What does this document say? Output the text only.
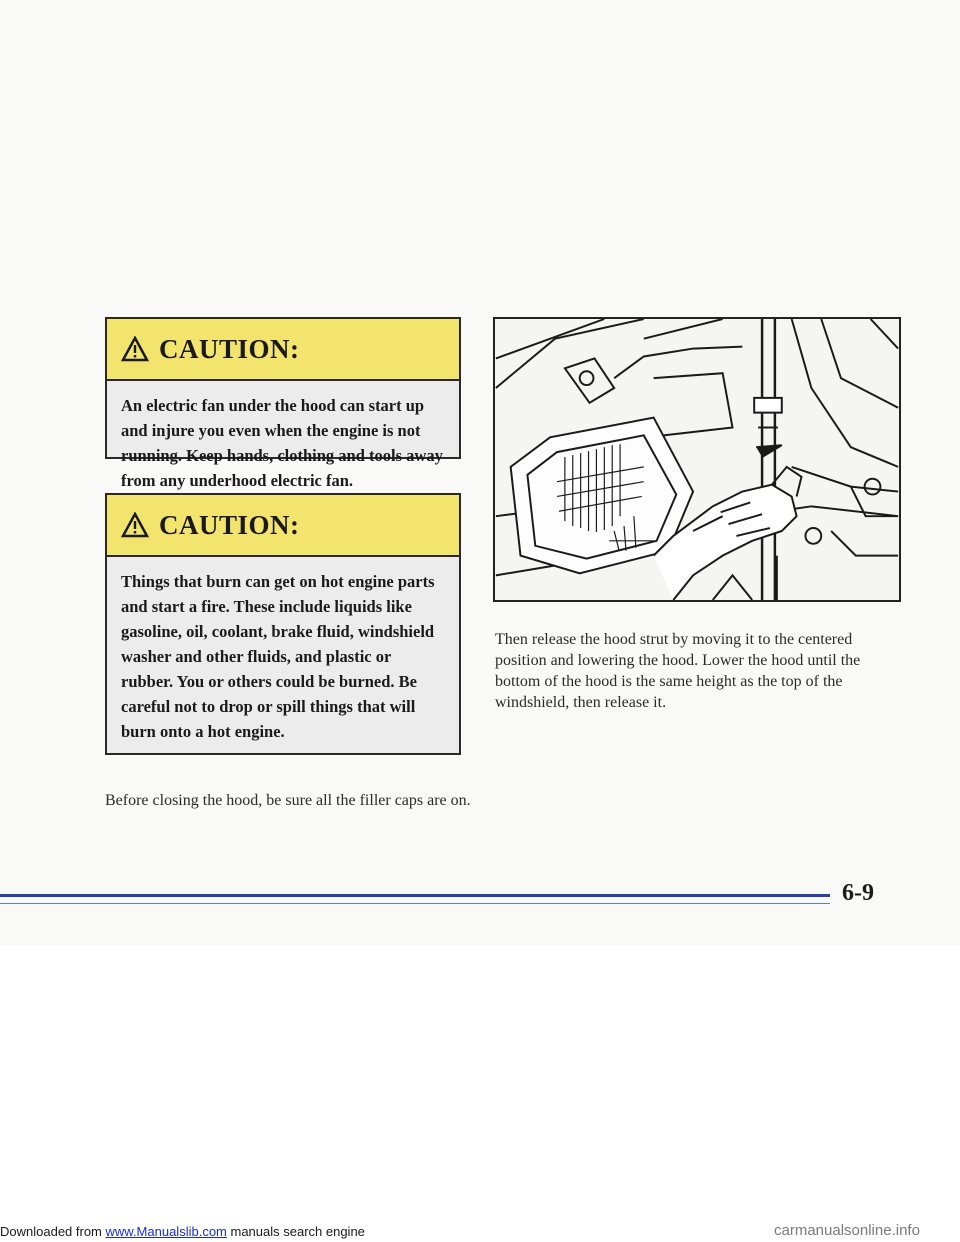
CAUTION:
An electric fan under the hood can start up and injure you even when the engine is not running. Keep hands, clothing and tools away from any underhood electric fan.
CAUTION:
Things that burn can get on hot engine parts and start a fire. These include liquids like gasoline, oil, coolant, brake fluid, windshield washer and other fluids, and plastic or rubber. You or others could be burned. Be careful not to drop or spill things that will burn onto a hot engine.
Then release the hood strut by moving it to the centered position and lowering the hood. Lower the hood until the bottom of the hood is the same height as the top of the windshield, then release it.
Before closing the hood, be sure all the filler caps are on.
6-9
Downloaded from www.Manualslib.com manuals search engine	carmanualsonline.info
